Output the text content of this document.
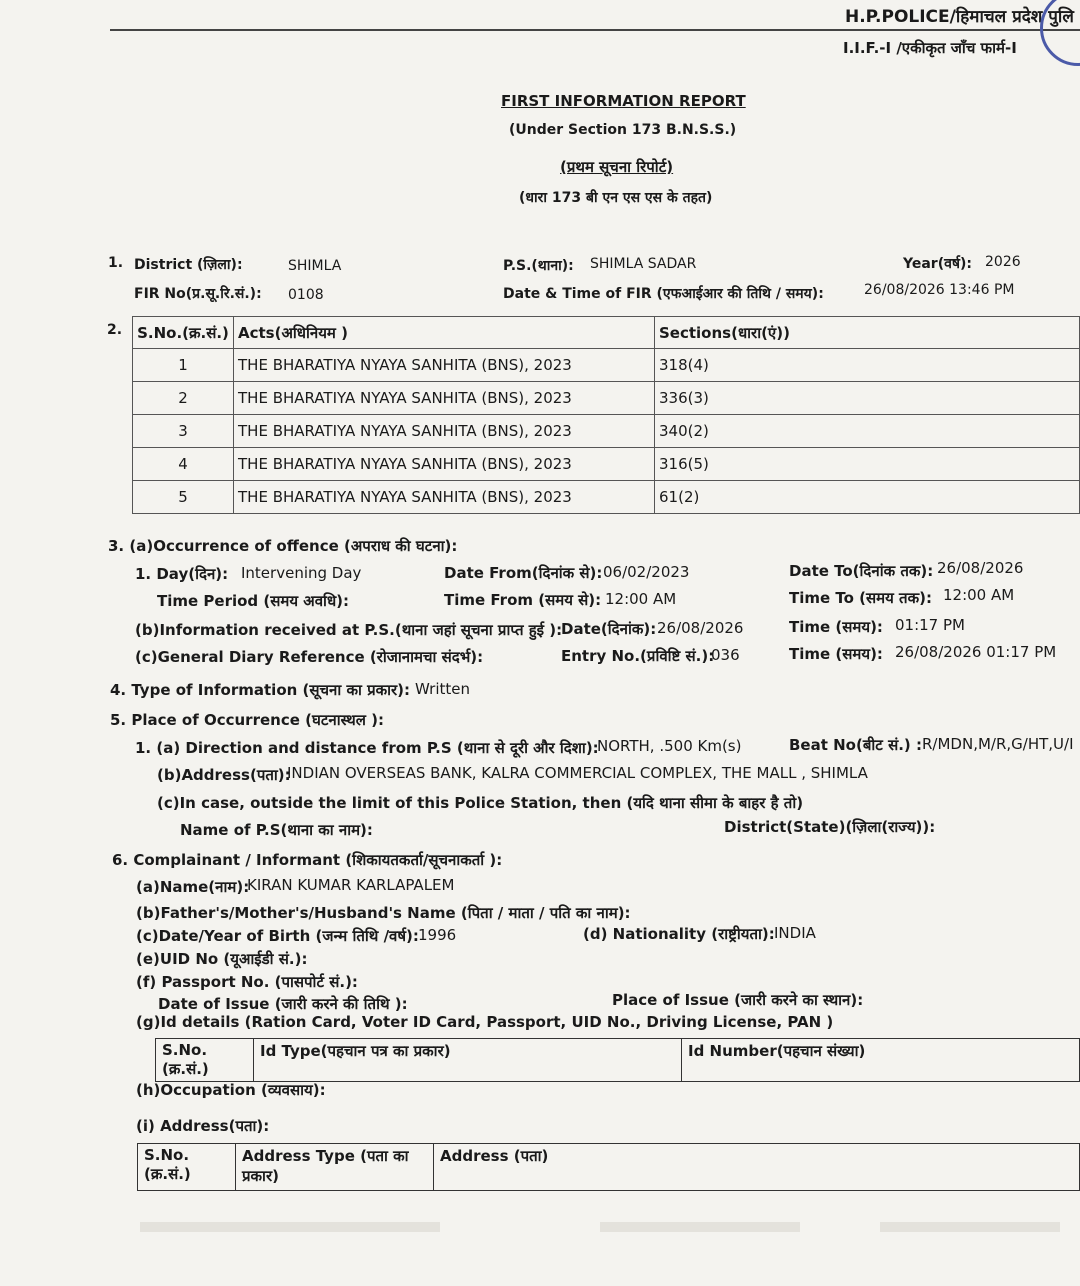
H.P.POLICE/हिमाचल प्रदेश पुलि
I.I.F.-I /एकीकृत जाँच फार्म-I
FIRST INFORMATION REPORT
(Under Section 173 B.N.S.S.)
(प्रथम सूचना रिपोर्ट)
(धारा 173 बी एन एस एस के तहत)
1. District (ज़िला):	SHIMLA	P.S.(थाना): SHIMLA SADAR	Year(वर्ष): 2026
FIR No(प्र.सू.रि.सं.): 0108	Date & Time of FIR (एफआईआर की तिथि / समय):	26/08/2026 13:46 PM
2. S.No.(क्र.सं.)	Acts(अधिनियम )	Sections(धारा(एं))
1	THE BHARATIYA NYAYA SANHITA (BNS), 2023	318(4)
2	THE BHARATIYA NYAYA SANHITA (BNS), 2023	336(3)
3	THE BHARATIYA NYAYA SANHITA (BNS), 2023	340(2)
4	THE BHARATIYA NYAYA SANHITA (BNS), 2023	316(5)
5	THE BHARATIYA NYAYA SANHITA (BNS), 2023	61(2)
3. (a)Occurrence of offence (अपराध की घटना):
1. Day(दिन): Intervening Day	Date From(दिनांक से): 06/02/2023	Date To(दिनांक तक): 26/08/2026
Time Period (समय अवधि):	Time From (समय से): 12:00 AM	Time To (समय तक): 12:00 AM
(b)Information received at P.S.(थाना जहां सूचना प्राप्त हुई ):
Date(दिनांक): 26/08/2026	Time (समय): 01:17 PM
(c)General Diary Reference (रोजानामचा संदर्भ):	Entry No.(प्रविष्टि सं.):
036	Time (समय): 26/08/2026 01:17 PM
4. Type of Information (सूचना का प्रकार): Written
5. Place of Occurrence (घटनास्थल ):
1. (a) Direction and distance from P.S (थाना से दूरी और दिशा):
NORTH, .500 Km(s)	Beat No(बीट सं.) : R/MDN,M/R,G/HT,U/I
(b)Address(पता):
INDIAN OVERSEAS BANK, KALRA COMMERCIAL COMPLEX, THE MALL , SHIMLA
(c)In case, outside the limit of this Police Station, then (यदि थाना सीमा के बाहर है तो)
Name of P.S(थाना का नाम):	District(State)(ज़िला(राज्य)):
6. Complainant / Informant (शिकायतकर्ता/सूचनाकर्ता ):
(a)Name(नाम):
KIRAN KUMAR KARLAPALEM
(b)Father's/Mother's/Husband's Name (पिता / माता / पति का नाम):
(c)Date/Year of Birth (जन्म तिथि /वर्ष): 1996	(d) Nationality (राष्ट्रीयता): INDIA
(e)UID No (यूआईडी सं.):
(f) Passport No. (पासपोर्ट सं.):
Date of Issue (जारी करने की तिथि ):	Place of Issue (जारी करने का स्थान):
(g)Id details (Ration Card, Voter ID Card, Passport, UID No., Driving License, PAN )
S.No.(क्र.सं.)	Id Type(पहचान पत्र का प्रकार)	Id Number(पहचान संख्या)
(h)Occupation (व्यवसाय):
(i) Address(पता):
S.No. (क्र.सं.)	Address Type (पता का प्रकार)	Address (पता)
